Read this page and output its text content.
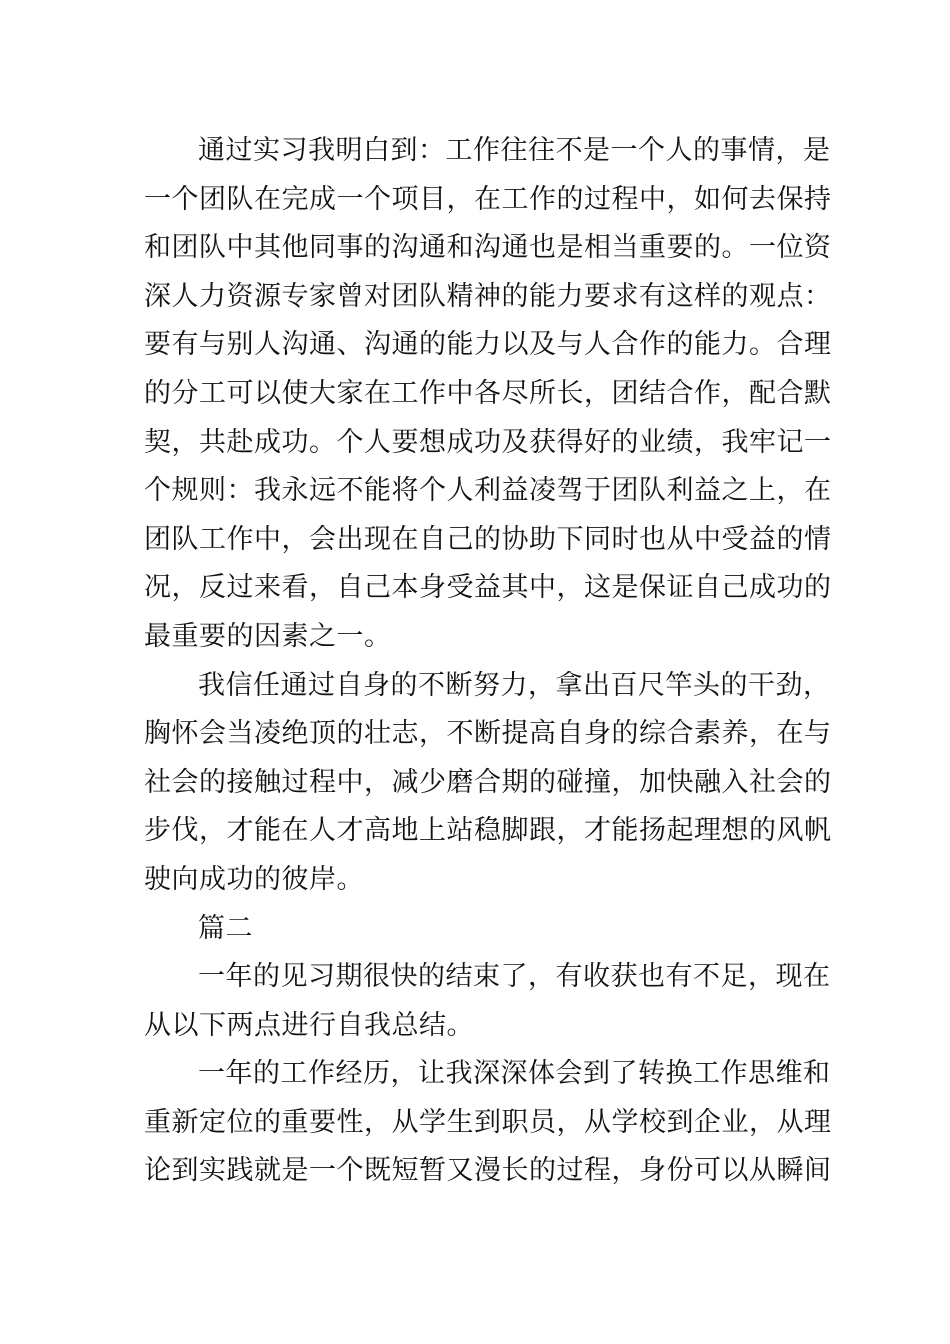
通过实习我明白到：工作往往不是一个人的事情，是
一个团队在完成一个项目，在工作的过程中，如何去保持
和团队中其他同事的沟通和沟通也是相当重要的。一位资
深人力资源专家曾对团队精神的能力要求有这样的观点：
要有与别人沟通、沟通的能力以及与人合作的能力。合理
的分工可以使大家在工作中各尽所长，团结合作，配合默
契，共赴成功。个人要想成功及获得好的业绩，我牢记一
个规则：我永远不能将个人利益凌驾于团队利益之上，在
团队工作中，会出现在自己的协助下同时也从中受益的情
况，反过来看，自己本身受益其中，这是保证自己成功的
最重要的因素之一。
我信任通过自身的不断努力，拿出百尺竿头的干劲，
胸怀会当凌绝顶的壮志，不断提高自身的综合素养，在与
社会的接触过程中，减少磨合期的碰撞，加快融入社会的
步伐，才能在人才高地上站稳脚跟，才能扬起理想的风帆
驶向成功的彼岸。
篇二
一年的见习期很快的结束了，有收获也有不足，现在
从以下两点进行自我总结。
一年的工作经历，让我深深体会到了转换工作思维和
重新定位的重要性，从学生到职员，从学校到企业，从理
论到实践就是一个既短暂又漫长的过程，身份可以从瞬间
